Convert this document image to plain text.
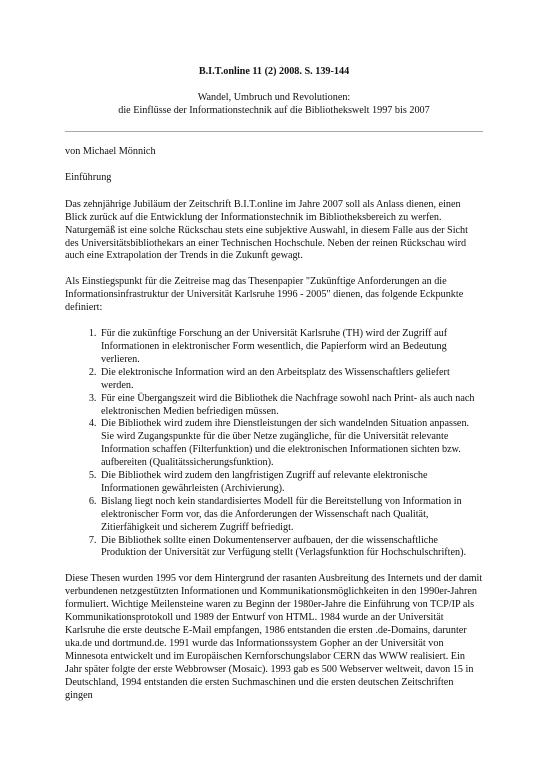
B.I.T.online 11 (2) 2008. S. 139-144

Wandel, Umbruch und Revolutionen:
die Einflüsse der Informationstechnik auf die Bibliothekswelt 1997 bis 2007

von Michael Mönnich

Einführung

Das zehnjährige Jubiläum der Zeitschrift B.I.T.online im Jahre 2007 soll als Anlass dienen, einen Blick zurück auf die Entwicklung der Informationstechnik im Bibliotheksbereich zu werfen. Naturgemäß ist eine solche Rückschau stets eine subjektive Auswahl, in diesem Falle aus der Sicht des Universitätsbibliothekars an einer Technischen Hochschule. Neben der reinen Rückschau wird auch eine Extrapolation der Trends in die Zukunft gewagt.

Als Einstiegspunkt für die Zeitreise mag das Thesenpapier "Zukünftige Anforderungen an die Informationsinfrastruktur der Universität Karlsruhe 1996 - 2005" dienen, das folgende Eckpunkte definiert:

1. Für die zukünftige Forschung an der Universität Karlsruhe (TH) wird der Zugriff auf Informationen in elektronischer Form wesentlich, die Papierform wird an Bedeutung verlieren.
2. Die elektronische Information wird an den Arbeitsplatz des Wissenschaftlers geliefert werden.
3. Für eine Übergangszeit wird die Bibliothek die Nachfrage sowohl nach Print- als auch nach elektronischen Medien befriedigen müssen.
4. Die Bibliothek wird zudem ihre Dienstleistungen der sich wandelnden Situation anpassen. Sie wird Zugangspunkte für die über Netze zugängliche, für die Universität relevante Information schaffen (Filterfunktion) und die elektronischen Informationen sichten bzw. aufbereiten (Qualitätssicherungsfunktion).
5. Die Bibliothek wird zudem den langfristigen Zugriff auf relevante elektronische Informationen gewährleisten (Archivierung).
6. Bislang liegt noch kein standardisiertes Modell für die Bereitstellung von Information in elektronischer Form vor, das die Anforderungen der Wissenschaft nach Qualität, Zitierfähigkeit und sicherem Zugriff befriedigt.
7. Die Bibliothek sollte einen Dokumentenserver aufbauen, der die wissenschaftliche Produktion der Universität zur Verfügung stellt (Verlagsfunktion für Hochschulschriften).

Diese Thesen wurden 1995 vor dem Hintergrund der rasanten Ausbreitung des Internets und der damit verbundenen netzgestützten Informationen und Kommunikationsmöglichkeiten in den 1990er-Jahren formuliert. Wichtige Meilensteine waren zu Beginn der 1980er-Jahre die Einführung von TCP/IP als Kommunikationsprotokoll und 1989 der Entwurf von HTML. 1984 wurde an der Universität Karlsruhe die erste deutsche E-Mail empfangen, 1986 entstanden die ersten .de-Domains, darunter uka.de und dortmund.de. 1991 wurde das Informationssystem Gopher an der Universität von Minnesota entwickelt und im Europäischen Kernforschungslabor CERN das WWW realisiert. Ein Jahr später folgte der erste Webbrowser (Mosaic). 1993 gab es 500 Webserver weltweit, davon 15 in Deutschland, 1994 entstanden die ersten Suchmaschinen und die ersten deutschen Zeitschriften gingen
